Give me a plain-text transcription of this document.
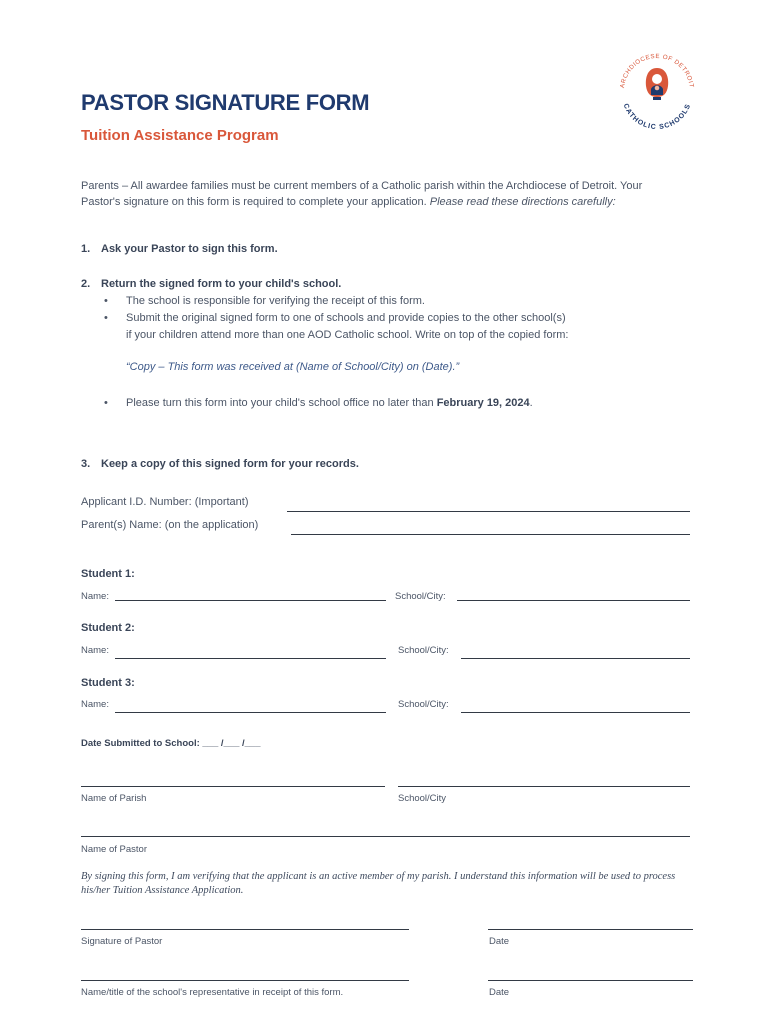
PASTOR SIGNATURE FORM
Tuition Assistance Program
ARCHDIOCESE OF DETROIT
CATHOLIC SCHOOLS
Parents – All awardee families must be current members of a Catholic parish within the Archdiocese of Detroit. Your Pastor's signature on this form is required to complete your application. Please read these directions carefully:
1. Ask your Pastor to sign this form.
2. Return the signed form to your child's school.
• The school is responsible for verifying the receipt of this form.
• Submit the original signed form to one of schools and provide copies to the other school(s)
if your children attend more than one AOD Catholic school. Write on top of the copied form:
“Copy – This form was received at (Name of School/City) on (Date).”
• Please turn this form into your child's school office no later than February 19, 2024.
3. Keep a copy of this signed form for your records.
Applicant I.D. Number: (Important)
Parent(s) Name: (on the application)
Student 1:
Name:	School/City:
Student 2:
Name:	School/City:
Student 3:
Name:	School/City:
Date Submitted to School: ___ /___ /___
Name of Parish	School/City
Name of Pastor
By signing this form, I am verifying that the applicant is an active member of my parish. I understand this information will be used to process his/her Tuition Assistance Application.
Signature of Pastor	Date
Name/title of the school's representative in receipt of this form.	Date
